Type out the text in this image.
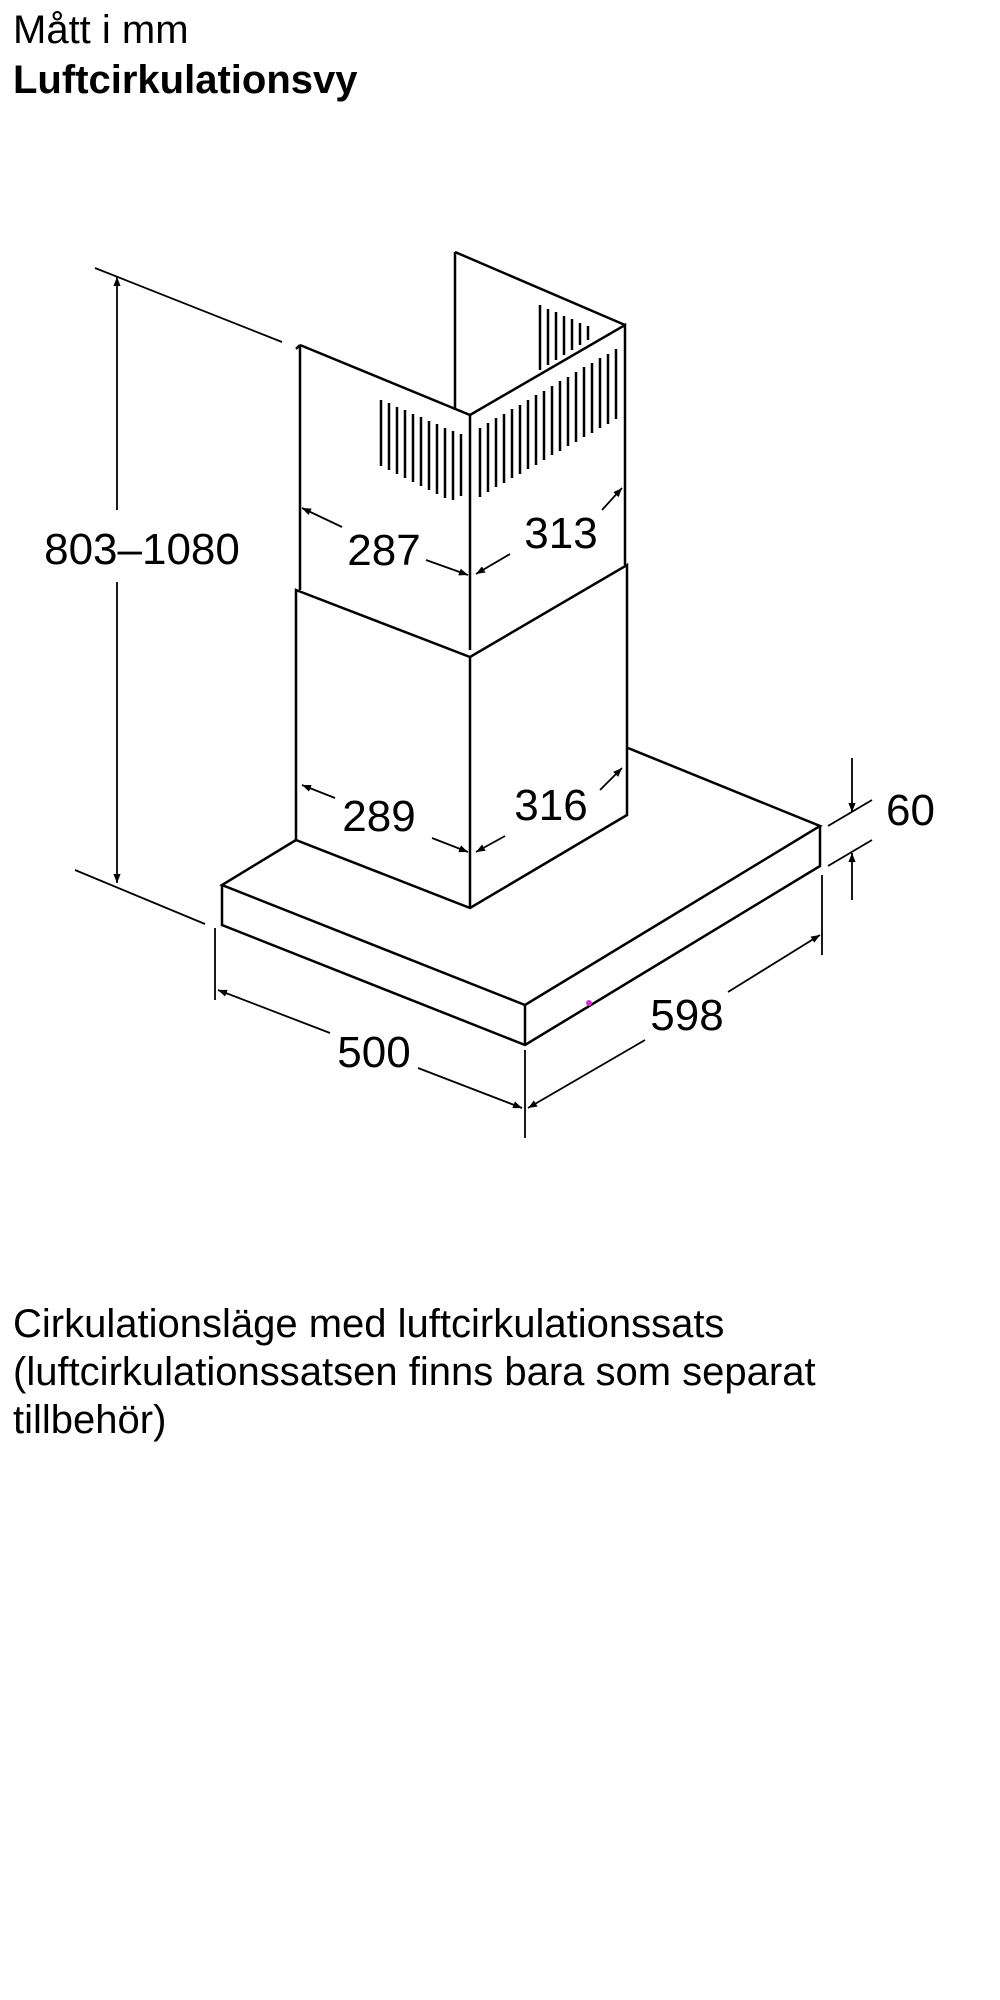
Mått i mm
Luftcirkulationsvy
803–1080 287 313
289 316
500
598
60
Cirkulationsläge med luftcirkulationssats
(luftcirkulationssatsen finns bara som separat
tillbehör)
